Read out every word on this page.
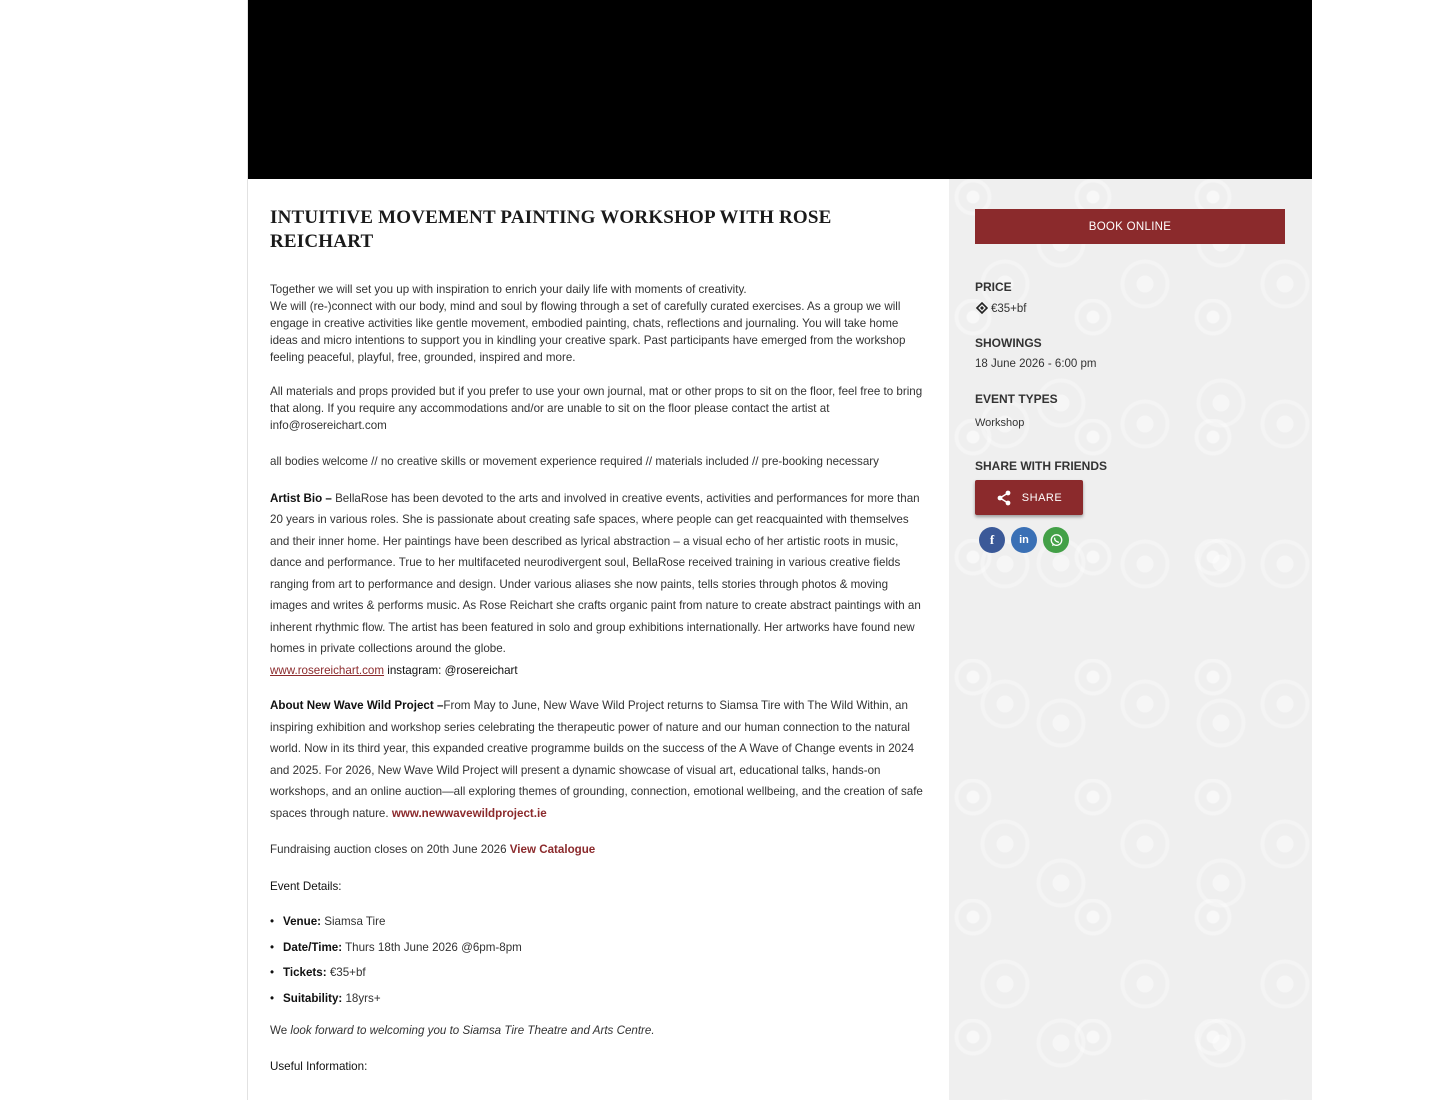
INTUITIVE MOVEMENT PAINTING WORKSHOP WITH ROSE REICHART

Together we will set you up with inspiration to enrich your daily life with moments of creativity.

We will (re-)connect with our body, mind and soul by flowing through a set of carefully curated exercises. As a group we will engage in creative activities like gentle movement, embodied painting, chats, reflections and journaling. You will take home ideas and micro intentions to support you in kindling your creative spark. Past participants have emerged from the workshop feeling peaceful, playful, free, grounded, inspired and more.

All materials and props provided but if you prefer to use your own journal, mat or other props to sit on the floor, feel free to bring that along. If you require any accommodations and/or are unable to sit on the floor please contact the artist at info@rosereichart.com

all bodies welcome // no creative skills or movement experience required // materials included // pre-booking necessary

Artist Bio – BellaRose has been devoted to the arts and involved in creative events, activities and performances for more than 20 years in various roles. She is passionate about creating safe spaces, where people can get reacquainted with themselves and their inner home. Her paintings have been described as lyrical abstraction – a visual echo of her artistic roots in music, dance and performance. True to her multifaceted neurodivergent soul, BellaRose received training in various creative fields ranging from art to performance and design. Under various aliases she now paints, tells stories through photos & moving images and writes & performs music. As Rose Reichart she crafts organic paint from nature to create abstract paintings with an inherent rhythmic flow. The artist has been featured in solo and group exhibitions internationally. Her artworks have found new homes in private collections around the globe.

www.rosereichart.com instagram: @rosereichart

About New Wave Wild Project –From May to June, New Wave Wild Project returns to Siamsa Tire with The Wild Within, an inspiring exhibition and workshop series celebrating the therapeutic power of nature and our human connection to the natural world. Now in its third year, this expanded creative programme builds on the success of the A Wave of Change events in 2024 and 2025. For 2026, New Wave Wild Project will present a dynamic showcase of visual art, educational talks, hands-on workshops, and an online auction—all exploring themes of grounding, connection, emotional wellbeing, and the creation of safe spaces through nature. www.newwavewildproject.ie

Fundraising auction closes on 20th June 2026 View Catalogue

Event Details:

• Venue: Siamsa Tire
• Date/Time: Thurs 18th June 2026 @6pm-8pm
• Tickets: €35+bf
• Suitability: 18yrs+

We look forward to welcoming you to Siamsa Tire Theatre and Arts Centre.

Useful Information:

BOOK ONLINE
PRICE
€35+bf
SHOWINGS
18 June 2026 - 6:00 pm
EVENT TYPES
Workshop
SHARE WITH FRIENDS
SHARE
f	in
